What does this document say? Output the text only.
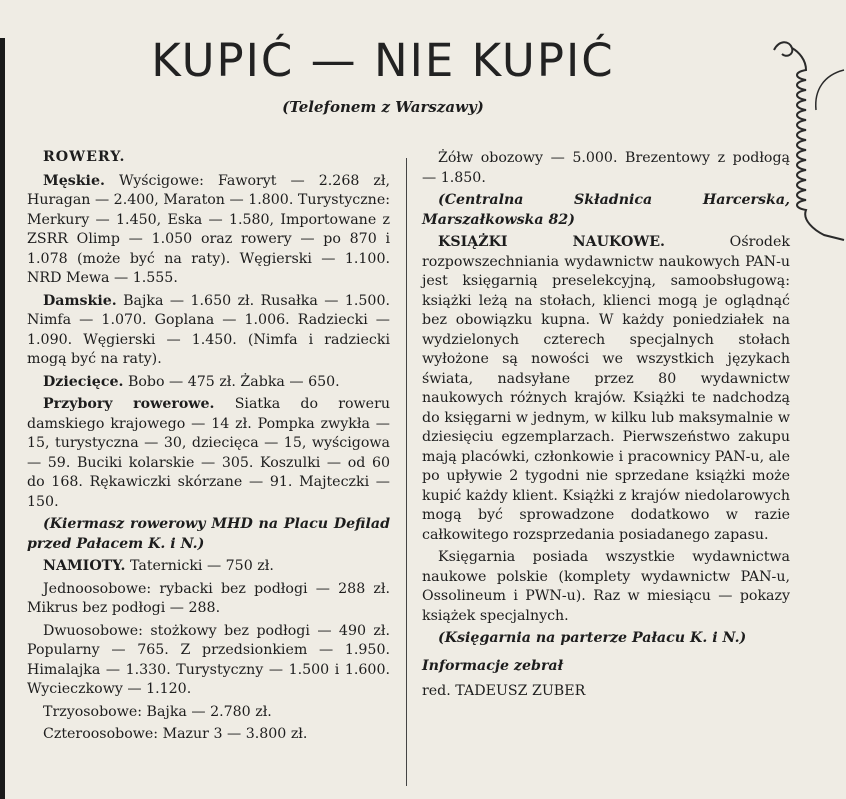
KUPIĆ — NIE KUPIĆ
(Telefonem z Warszawy)
ROWERY.

Męskie. Wyścigowe: Faworyt — 2.268 zł, Huragan — 2.400, Maraton — 1.800. Turystyczne: Merkury — 1.450, Eska — 1.580, Importowane z ZSRR Olimp — 1.050 oraz rowery — po 870 i 1.078 (może być na raty). Węgierski — 1.100. NRD Mewa — 1.555.

Damskie. Bajka — 1.650 zł. Rusałka — 1.500. Nimfa — 1.070. Goplana — 1.006. Radziecki — 1.090. Węgierski — 1.450. (Nimfa i radziecki mogą być na raty).

Dziecięce. Bobo — 475 zł. Żabka — 650.

Przybory rowerowe. Siatka do roweru damskiego krajowego — 14 zł. Pompka zwykła — 15, turystyczna — 30, dziecięca — 15, wyścigowa — 59. Buciki kolarskie — 305. Koszulki — od 60 do 168. Rękawiczki skórzane — 91. Majteczki — 150.

(Kiermasz rowerowy MHD na Placu Defilad przed Pałacem K. i N.)

NAMIOTY. Taternicki — 750 zł.

Jednoosobowe: rybacki bez podłogi — 288 zł. Mikrus bez podłogi — 288.

Dwuosobowe: stożkowy bez podłogi — 490 zł. Popularny — 765. Z przedsionkiem — 1.950. Himalajka — 1.330. Turystyczny — 1.500 i 1.600. Wycieczkowy — 1.120.

Trzyosobowe: Bajka — 2.780 zł.

Czteroosobowe: Mazur 3 — 3.800 zł.

Żółw obozowy — 5.000. Brezentowy z podłogą — 1.850.

(Centralna Składnica Harcerska, Marszałkowska 82)

KSIĄŻKI NAUKOWE. Ośrodek rozpowszechniania wydawnictw naukowych PAN-u jest księgarnią preselekcyjną, samoobsługową: książki leżą na stołach, klienci mogą je oglądnąć bez obowiązku kupna. W każdy poniedziałek na wydzielonych czterech specjalnych stołach wyłożone są nowości we wszystkich językach świata, nadsyłane przez 80 wydawnictw naukowych różnych krajów. Książki te nadchodzą do księgarni w jednym, w kilku lub maksymalnie w dziesięciu egzemplarzach. Pierwszeństwo zakupu mają placówki, członkowie i pracownicy PAN-u, ale po upływie 2 tygodni nie sprzedane książki może kupić każdy klient. Książki z krajów niedolarowych mogą być sprowadzone dodatkowo w razie całkowitego rozsprzedania posiadanego zapasu.

Księgarnia posiada wszystkie wydawnictwa naukowe polskie (komplety wydawnictw PAN-u, Ossolineum i PWN-u). Raz w miesiącu — pokazy książek specjalnych.

(Księgarnia na parterze Pałacu K. i N.)

Informacje zebrał

red. TADEUSZ ZUBER
